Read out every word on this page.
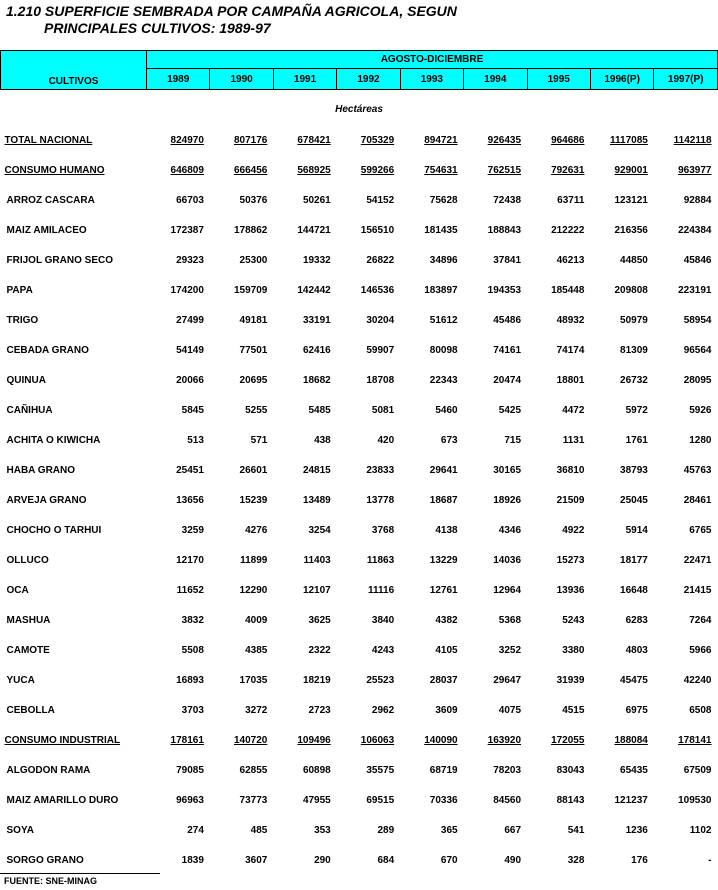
1.210 SUPERFICIE SEMBRADA POR CAMPAÑA AGRICOLA, SEGUN
PRINCIPALES CULTIVOS: 1989-97
CULTIVOS	AGOSTO-DICIEMBRE								
	1989	1990	1991	1992	1993	1994	1995	1996(P)	1997(P)
Hectáreas									
TOTAL NACIONAL	824970	807176	678421	705329	894721	926435	964686	1117085	1142118
CONSUMO HUMANO	646809	666456	568925	599266	754631	762515	792631	929001	963977
ARROZ CASCARA	66703	50376	50261	54152	75628	72438	63711	123121	92884
MAIZ AMILACEO	172387	178862	144721	156510	181435	188843	212222	216356	224384
FRIJOL GRANO SECO	29323	25300	19332	26822	34896	37841	46213	44850	45846
PAPA	174200	159709	142442	146536	183897	194353	185448	209808	223191
TRIGO	27499	49181	33191	30204	51612	45486	48932	50979	58954
CEBADA GRANO	54149	77501	62416	59907	80098	74161	74174	81309	96564
QUINUA	20066	20695	18682	18708	22343	20474	18801	26732	28095
CAÑIHUA	5845	5255	5485	5081	5460	5425	4472	5972	5926
ACHITA O KIWICHA	513	571	438	420	673	715	1131	1761	1280
HABA GRANO	25451	26601	24815	23833	29641	30165	36810	38793	45763
ARVEJA GRANO	13656	15239	13489	13778	18687	18926	21509	25045	28461
CHOCHO O TARHUI	3259	4276	3254	3768	4138	4346	4922	5914	6765
OLLUCO	12170	11899	11403	11863	13229	14036	15273	18177	22471
OCA	11652	12290	12107	11116	12761	12964	13936	16648	21415
MASHUA	3832	4009	3625	3840	4382	5368	5243	6283	7264
CAMOTE	5508	4385	2322	4243	4105	3252	3380	4803	5966
YUCA	16893	17035	18219	25523	28037	29647	31939	45475	42240
CEBOLLA	3703	3272	2723	2962	3609	4075	4515	6975	6508
CONSUMO INDUSTRIAL	178161	140720	109496	106063	140090	163920	172055	188084	178141
ALGODON RAMA	79085	62855	60898	35575	68719	78203	83043	65435	67509
MAIZ AMARILLO DURO	96963	73773	47955	69515	70336	84560	88143	121237	109530
SOYA	274	485	353	289	365	667	541	1236	1102
SORGO GRANO	1839	3607	290	684	670	490	328	176	-
FUENTE: SNE-MINAG
